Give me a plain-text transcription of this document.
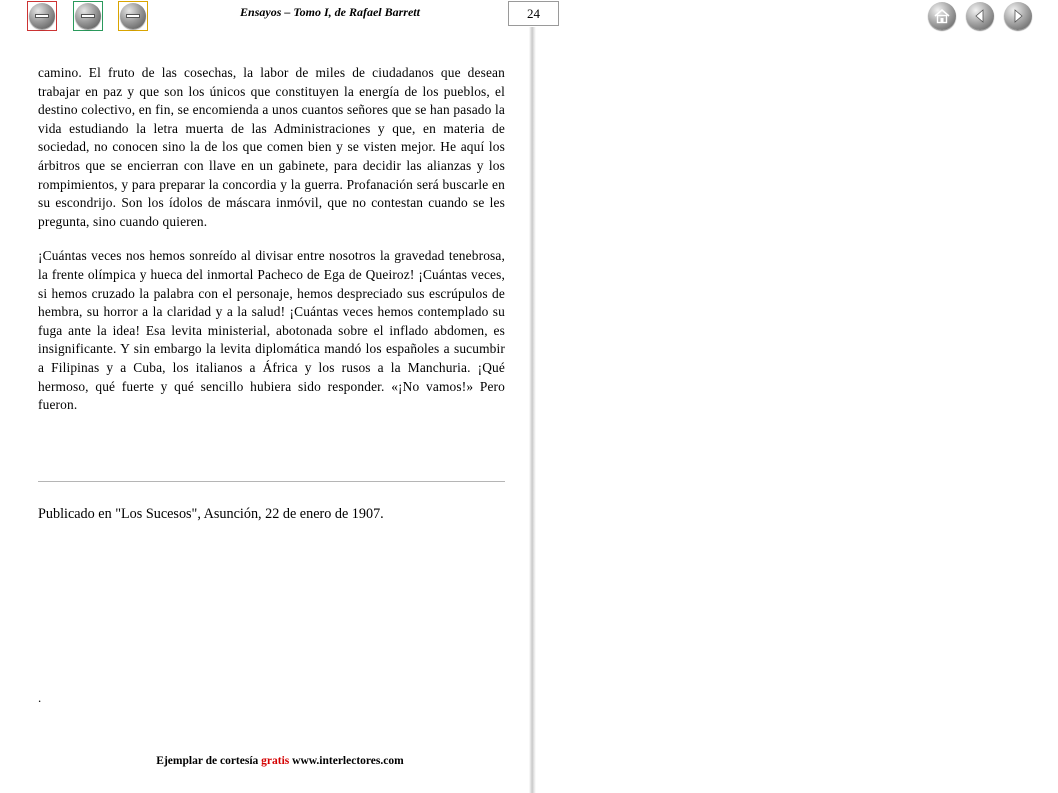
Ensayos – Tomo I, de Rafael Barrett	24

camino. El fruto de las cosechas, la labor de miles de ciudadanos que desean trabajar en paz y que son los únicos que constituyen la energía de los pueblos, el destino colectivo, en fin, se encomienda a unos cuantos señores que se han pasado la vida estudiando la letra muerta de las Administraciones y que, en materia de sociedad, no conocen sino la de los que comen bien y se visten mejor. He aquí los árbitros que se encierran con llave en un gabinete, para decidir las alianzas y los rompimientos, y para preparar la concordia y la guerra. Profanación será buscarle en su escondrijo. Son los ídolos de máscara inmóvil, que no contestan cuando se les pregunta, sino cuando quieren.

¡Cuántas veces nos hemos sonreído al divisar entre nosotros la gravedad tenebrosa, la frente olímpica y hueca del inmortal Pacheco de Ega de Queiroz! ¡Cuántas veces, si hemos cruzado la palabra con el personaje, hemos despreciado sus escrúpulos de hembra, su horror a la claridad y a la salud! ¡Cuántas veces hemos contemplado su fuga ante la idea! Esa levita ministerial, abotonada sobre el inflado abdomen, es insignificante. Y sin embargo la levita diplomática mandó los españoles a sucumbir a Filipinas y a Cuba, los italianos a África y los rusos a la Manchuria. ¡Qué hermoso, qué fuerte y qué sencillo hubiera sido responder. «¡No vamos!» Pero fueron.

Publicado en "Los Sucesos", Asunción, 22 de enero de 1907.
.
Ejemplar de cortesía gratis www.interlectores.com
